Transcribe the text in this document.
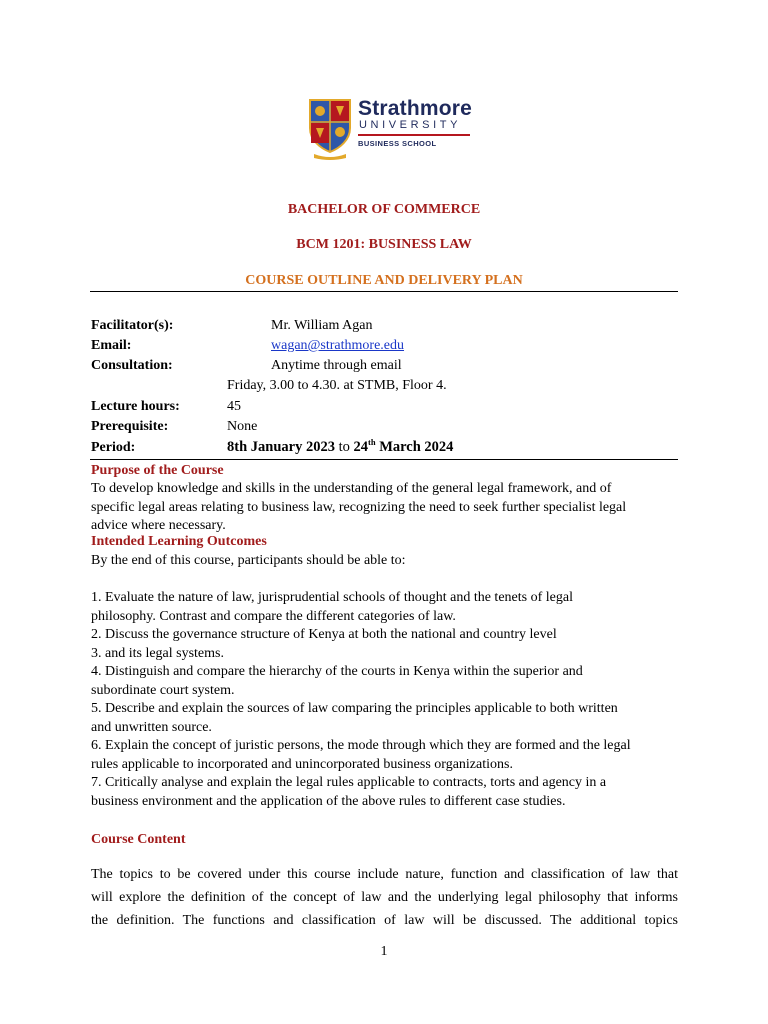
Strathmore
UNIVERSITY
BUSINESS SCHOOL
BACHELOR OF COMMERCE
BCM 1201: BUSINESS LAW
COURSE OUTLINE AND DELIVERY PLAN
Facilitator(s):	Mr. William Agan
Email:	wagan@strathmore.edu
Consultation:	Anytime through email
Friday, 3.00 to 4.30. at STMB, Floor 4.
Lecture hours:	45
Prerequisite:	None
Period:	8th January 2023 to 24th March 2024
Purpose of the Course

To develop knowledge and skills in the understanding of the general legal framework, and of

specific legal areas relating to business law, recognizing the need to seek further specialist legal

advice where necessary.

Intended Learning Outcomes
By the end of this course, participants should be able to:

1. Evaluate the nature of law, jurisprudential schools of thought and the tenets of legal

philosophy. Contrast and compare the different categories of law.

2. Discuss the governance structure of Kenya at both the national and country level

3. and its legal systems.

4. Distinguish and compare the hierarchy of the courts in Kenya within the superior and

subordinate court system.

5. Describe and explain the sources of law comparing the principles applicable to both written

and unwritten source.

6. Explain the concept of juristic persons, the mode through which they are formed and the legal

rules applicable to incorporated and unincorporated business organizations.

7. Critically analyse and explain the legal rules applicable to contracts, torts and agency in a

business environment and the application of the above rules to different case studies.

Course Content

The topics to be covered under this course include nature, function and classification of law that

will explore the definition of the concept of law and the underlying legal philosophy that informs

the definition. The functions and classification of law will be discussed. The additional topics

1
